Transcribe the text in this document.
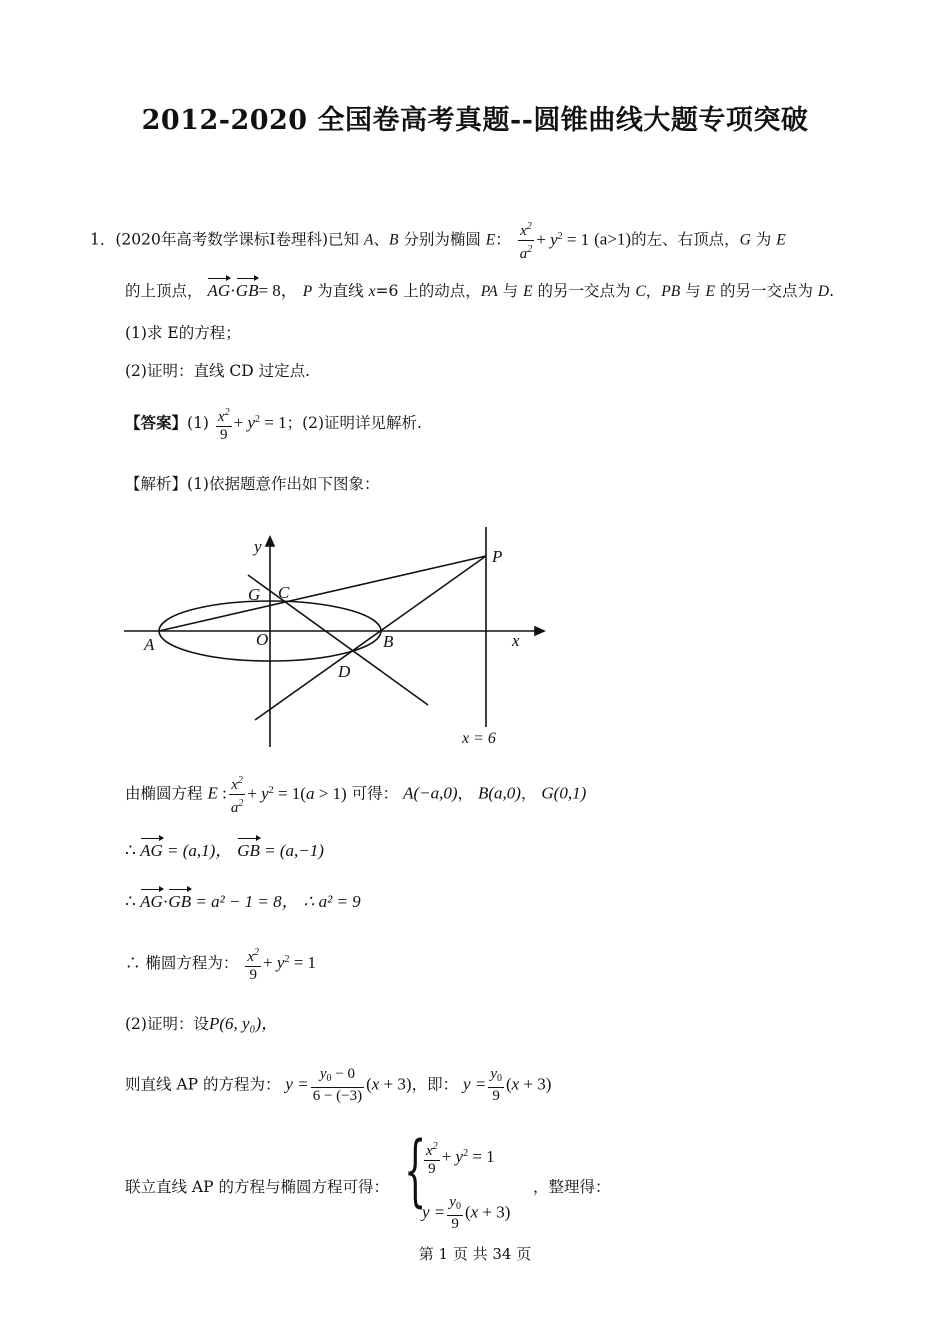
2012-2020 全国卷高考真题--圆锥曲线大题专项突破
1．(2020年高考数学课标Ⅰ卷理科)已知 A、B 分别为椭圆 E： $\frac{x^2}{a^2} + y^2 = 1$ (a>1)的左、右顶点，G 为 E
的上顶点， AG·GB= 8， P 为直线 x=6 上的动点，PA 与 E 的另一交点为 C，PB 与 E 的另一交点为 D.
(1)求 E的方程；
(2)证明：直线 CD 过定点.
【答案】$(1) \frac{x^2}{9} + y^2 = 1$；(2)证明详见解析.
【解析】(1)依据题意作出如下图象：
y
x
P
G C
A	O	B
D
x = 6
由椭圆方程 E : $\frac{x^2}{a^2} + y^2 = 1(a > 1)$ 可得： A(−a,0)， B(a,0)， G(0,1)
∴ AG = (a,1)， GB = (a,−1)
∴ AG·GB = a² − 1 = 8， ∴ a² = 9
∴ 椭圆方程为： $\frac{x^2}{9} + y^2 = 1$
(2)证明：设P(6, y₀)，
则直线 AP 的方程为： $y = \frac{y_0 - 0}{6 - (-3)} (x + 3)$，即： $y = \frac{y_0}{9} (x + 3)$
联立直线 AP 的方程与椭圆方程可得： {
$\frac{x^2}{9} + y^2 = 1$
$y = \frac{y_0}{9} (x + 3)$
，整理得：
第 1 页 共 34 页
